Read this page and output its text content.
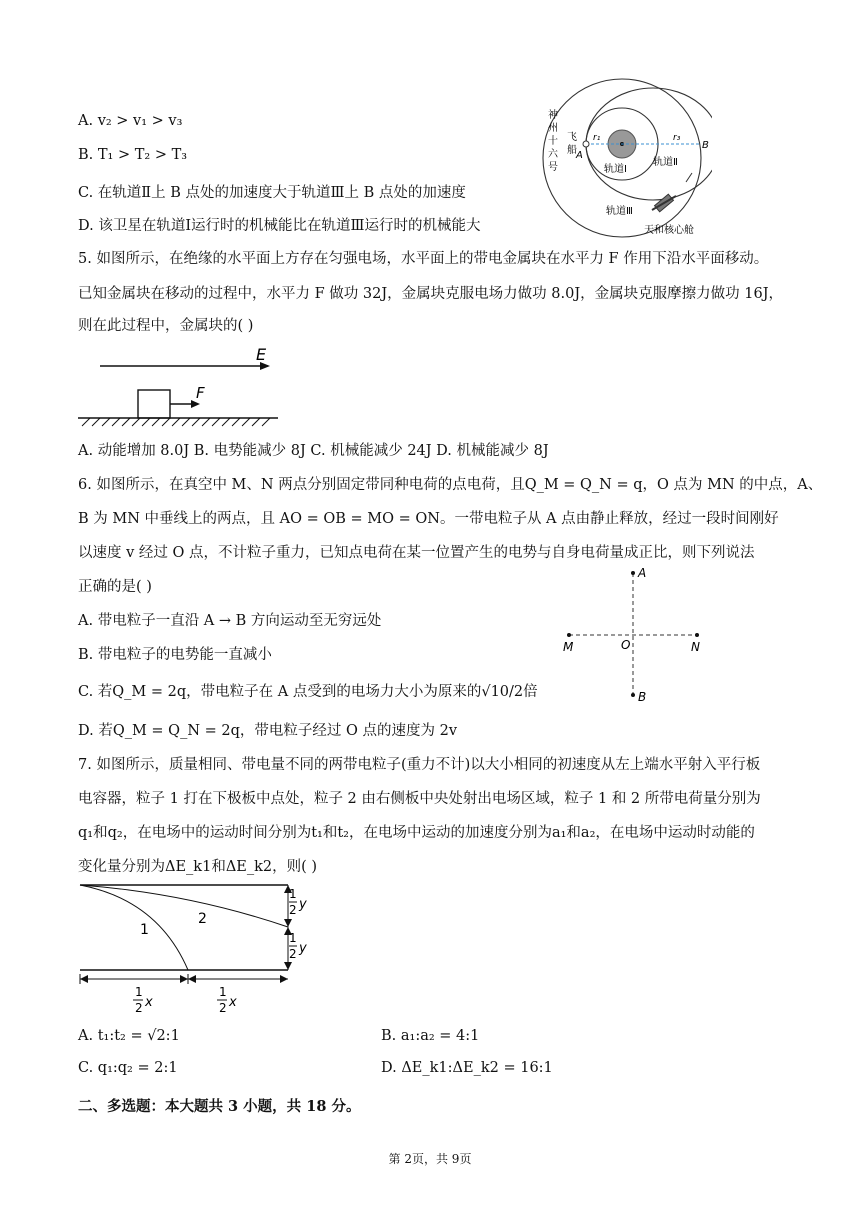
A. v₂ > v₁ > v₃
B. T₁ > T₂ > T₃
C. 在轨道Ⅱ上 B 点处的加速度大于轨道Ⅲ上 B 点处的加速度
D. 该卫星在轨道Ⅰ运行时的机械能比在轨道Ⅲ运行时的机械能大
神
州
十
六
号
飞
船 A
B
r₁	r₃
轨道Ⅰ
轨道Ⅱ
轨道Ⅲ
天和核心舱
5. 如图所示，在绝缘的水平面上方存在匀强电场，水平面上的带电金属块在水平力 F 作用下沿水平面移动。
已知金属块在移动的过程中，水平力 F 做功 32J，金属块克服电场力做功 8.0J，金属块克服摩擦力做功 16J，
则在此过程中，金属块的( )
E
F
A. 动能增加 8.0J B. 电势能减少 8J C. 机械能减少 24J D. 机械能减少 8J
6. 如图所示，在真空中 M、N 两点分别固定带同种电荷的点电荷，且Q_M = Q_N = q，O 点为 MN 的中点，A、
B 为 MN 中垂线上的两点，且 AO = OB = MO = ON。一带电粒子从 A 点由静止释放，经过一段时间刚好
以速度 v 经过 O 点，不计粒子重力，已知点电荷在某一位置产生的电势与自身电荷量成正比，则下列说法
正确的是( )
A. 带电粒子一直沿 A → B 方向运动至无穷远处
B. 带电粒子的电势能一直减小
C. 若Q_M = 2q，带电粒子在 A 点受到的电场力大小为原来的√10/2倍
D. 若Q_M = Q_N = 2q，带电粒子经过 O 点的速度为 2v
A
B
M	N
O
7. 如图所示，质量相同、带电量不同的两带电粒子(重力不计)以大小相同的初速度从左上端水平射入平行板
电容器，粒子 1 打在下极板中点处，粒子 2 由右侧板中央处射出电场区域，粒子 1 和 2 所带电荷量分别为
q₁和q₂，在电场中的运动时间分别为t₁和t₂，在电场中运动的加速度分别为a₁和a₂，在电场中运动时动能的
变化量分别为ΔE_k1和ΔE_k2，则( )
1
2
1
2 y
1
2 y
1
2 x
1
2 x
A. t₁:t₂ = √2:1	B. a₁:a₂ = 4:1
C. q₁:q₂ = 2:1	D. ΔE_k1:ΔE_k2 = 16:1
二、多选题：本大题共 3 小题，共 18 分。
第 2页，共 9页
